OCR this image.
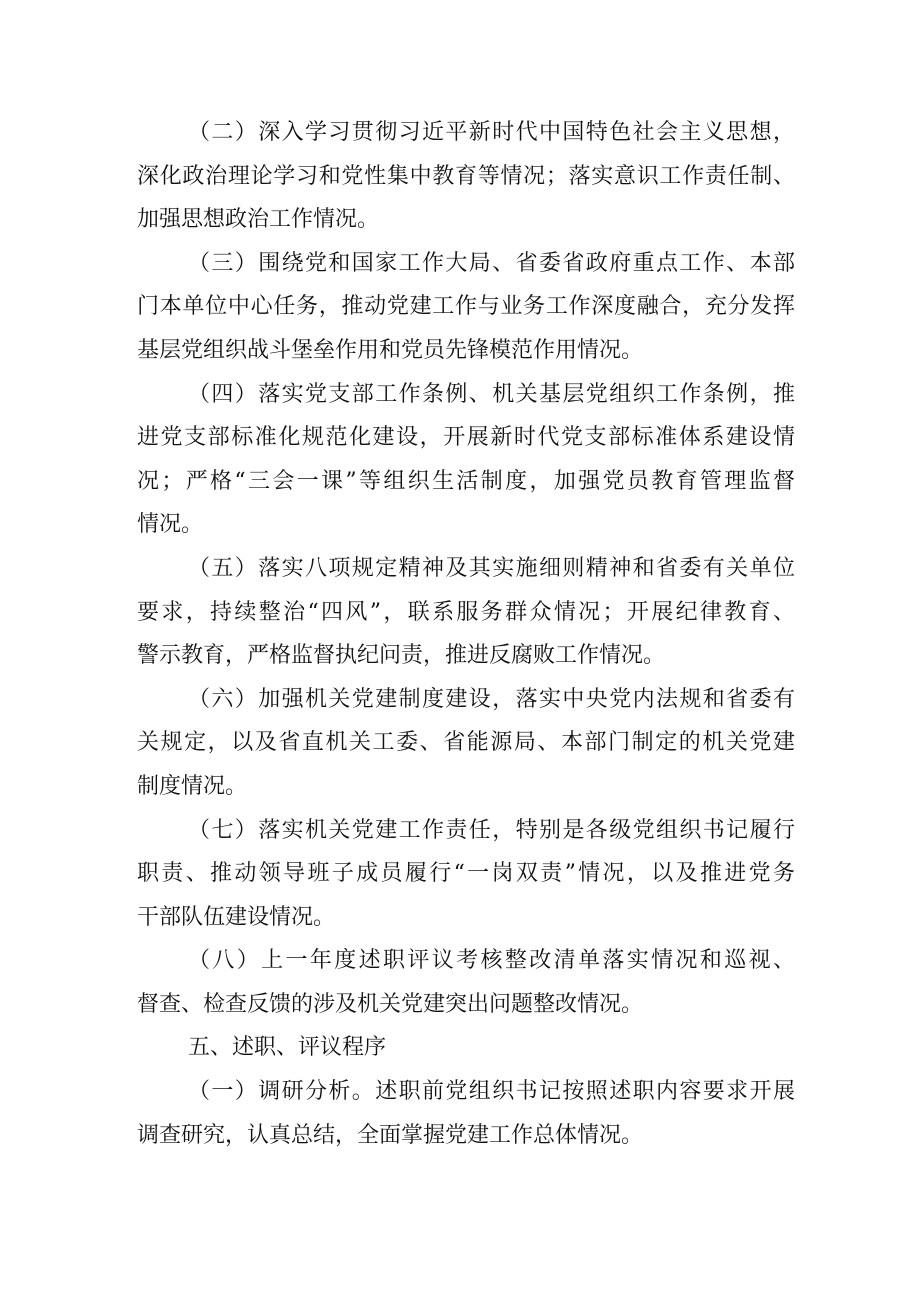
（二）深入学习贯彻习近平新时代中国特色社会主义思想，
深化政治理论学习和党性集中教育等情况；落实意识工作责任制、
加强思想政治工作情况。
（三）围绕党和国家工作大局、省委省政府重点工作、本部
门本单位中心任务，推动党建工作与业务工作深度融合，充分发挥
基层党组织战斗堡垒作用和党员先锋模范作用情况。
（四）落实党支部工作条例、机关基层党组织工作条例，推
进党支部标准化规范化建设，开展新时代党支部标准体系建设情
况；严格“三会一课”等组织生活制度，加强党员教育管理监督
情况。
（五）落实八项规定精神及其实施细则精神和省委有关单位
要求，持续整治“四风”，联系服务群众情况；开展纪律教育、
警示教育，严格监督执纪问责，推进反腐败工作情况。
（六）加强机关党建制度建设，落实中央党内法规和省委有
关规定，以及省直机关工委、省能源局、本部门制定的机关党建
制度情况。
（七）落实机关党建工作责任，特别是各级党组织书记履行
职责、推动领导班子成员履行“一岗双责”情况，以及推进党务
干部队伍建设情况。
（八）上一年度述职评议考核整改清单落实情况和巡视、
督查、检查反馈的涉及机关党建突出问题整改情况。
五、述职、评议程序
（一）调研分析。述职前党组织书记按照述职内容要求开展
调查研究，认真总结，全面掌握党建工作总体情况。
